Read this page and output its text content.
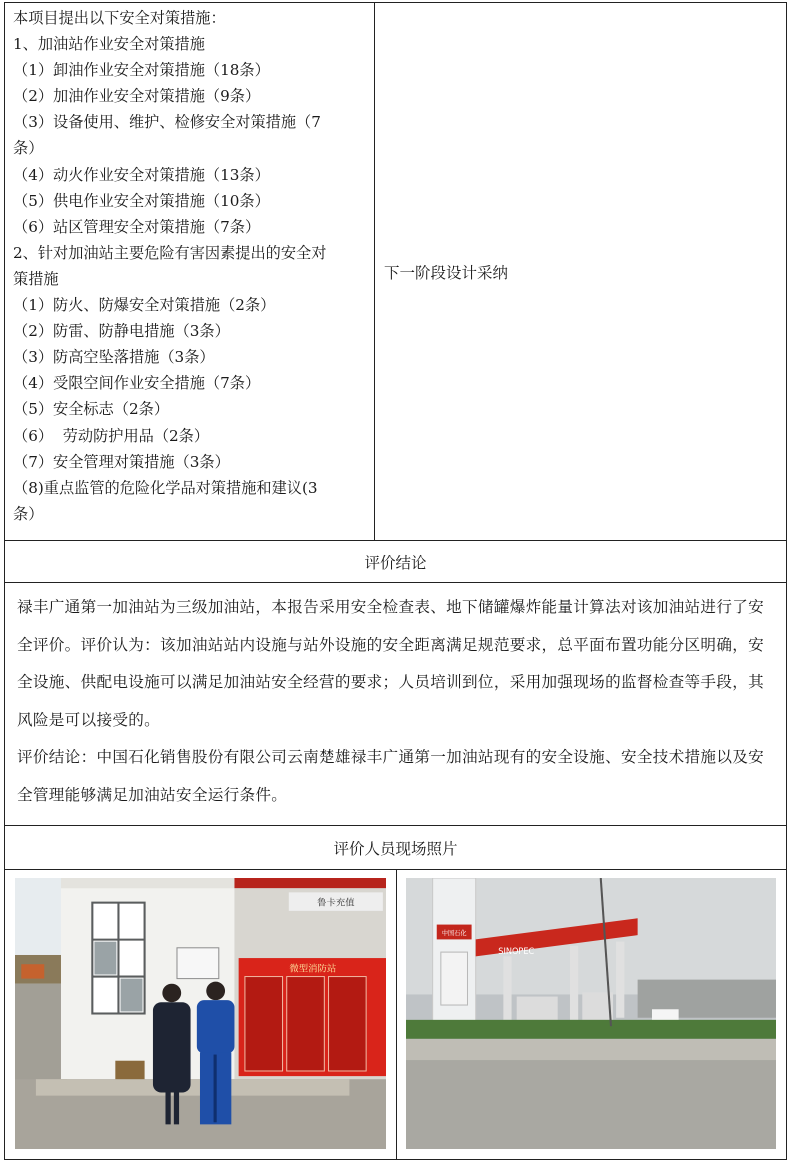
本项目提出以下安全对策措施：
1、加油站作业安全对策措施
（1）卸油作业安全对策措施（18条）
（2）加油作业安全对策措施（9条）
（3）设备使用、维护、检修安全对策措施（7
条）
（4）动火作业安全对策措施（13条）
（5）供电作业安全对策措施（10条）
（6）站区管理安全对策措施（7条）
2、针对加油站主要危险有害因素提出的安全对
策措施
（1）防火、防爆安全对策措施（2条）
（2）防雷、防静电措施（3条）
（3）防高空坠落措施（3条）
（4）受限空间作业安全措施（7条）
（5）安全标志（2条）
（6）  劳动防护用品（2条）
（7）安全管理对策措施（3条）
（8)重点监管的危险化学品对策措施和建议(3
条）
下一阶段设计采纳
评价结论
禄丰广通第一加油站为三级加油站，本报告采用安全检查表、地下储罐爆炸能量计算法对该加油站进行了安全评价。评价认为：该加油站站内设施与站外设施的安全距离满足规范要求，总平面布置功能分区明确，安全设施、供配电设施可以满足加油站安全经营的要求；人员培训到位，采用加强现场的监督检查等手段，其风险是可以接受的。
评价结论：中国石化销售股份有限公司云南楚雄禄丰广通第一加油站现有的安全设施、安全技术措施以及安全管理能够满足加油站安全运行条件。
评价人员现场照片
鲁卡充值
微型消防站
中国石化
SINOPEC
